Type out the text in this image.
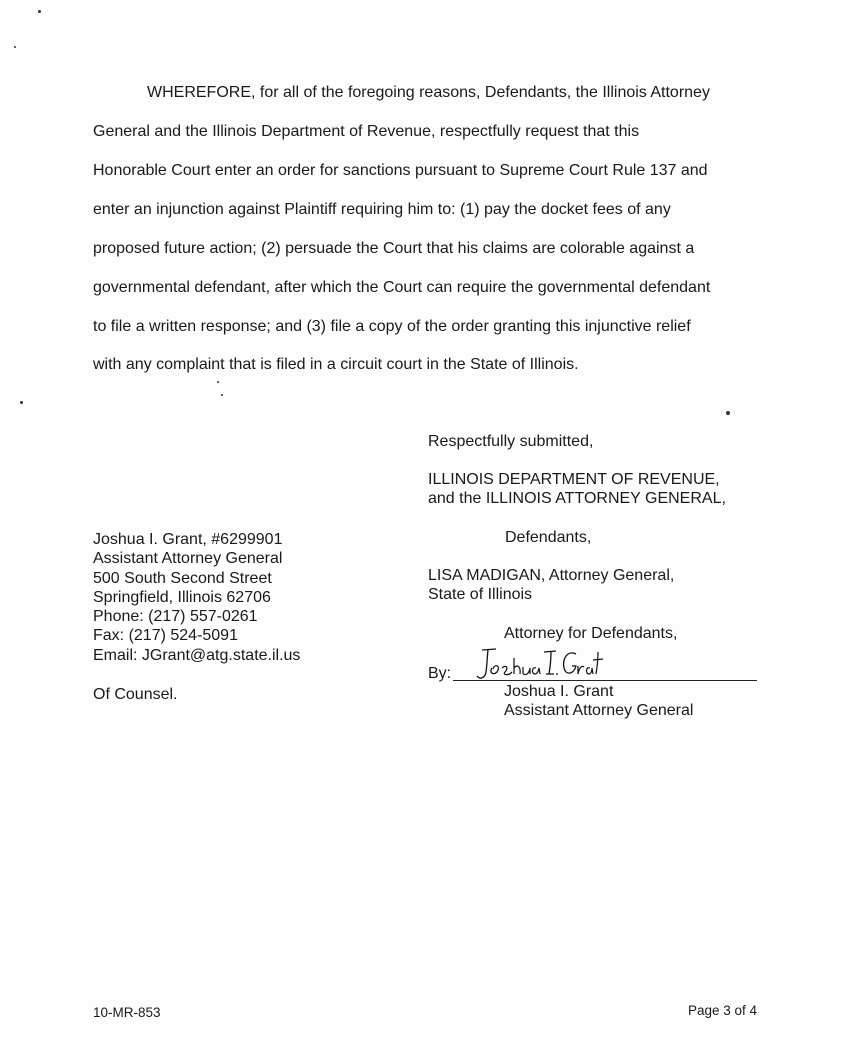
WHEREFORE, for all of the foregoing reasons, Defendants, the Illinois Attorney
General and the Illinois Department of Revenue, respectfully request that this
Honorable Court enter an order for sanctions pursuant to Supreme Court Rule 137 and
enter an injunction against Plaintiff requiring him to: (1) pay the docket fees of any
proposed future action; (2) persuade the Court that his claims are colorable against a
governmental defendant, after which the Court can require the governmental defendant
to file a written response; and (3) file a copy of the order granting this injunctive relief
with any complaint that is filed in a circuit court in the State of Illinois.
Respectfully submitted,
ILLINOIS DEPARTMENT OF REVENUE,
and the ILLINOIS ATTORNEY GENERAL,
Defendants,
LISA MADIGAN, Attorney General,
State of Illinois
Attorney for Defendants,
By:
Joshua I. Grant
Assistant Attorney General
Joshua I. Grant, #6299901
Assistant Attorney General
500 South Second Street
Springfield, Illinois 62706
Phone: (217) 557-0261
Fax: (217) 524-5091
Email: JGrant@atg.state.il.us
Of Counsel.
10-MR-853	Page 3 of 4
